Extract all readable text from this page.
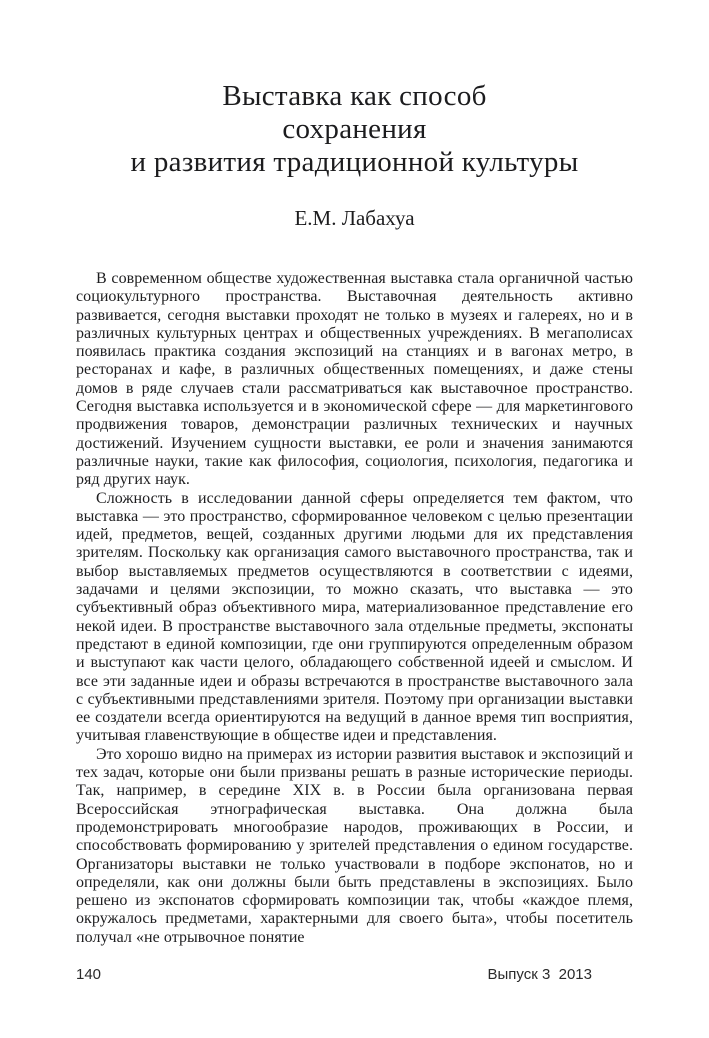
Выставка как способ
сохранения
и развития традиционной культуры
Е.М. Лабахуа

В современном обществе художественная выставка стала органичной частью социокультурного пространства. Выставочная деятельность активно развивается, сегодня выставки проходят не только в музеях и галереях, но и в различных культурных центрах и общественных учреждениях. В мегаполисах появилась практика создания экспозиций на станциях и в вагонах метро, в ресторанах и кафе, в различных общественных помещениях, и даже стены домов в ряде случаев стали рассматриваться как выставочное пространство. Сегодня выставка используется и в экономической сфере — для маркетингового продвижения товаров, демонстрации различных технических и научных достижений. Изучением сущности выставки, ее роли и значения занимаются различные науки, такие как философия, социология, психология, педагогика и ряд других наук.

Сложность в исследовании данной сферы определяется тем фактом, что выставка — это пространство, сформированное человеком с целью презентации идей, предметов, вещей, созданных другими людьми для их представления зрителям. Поскольку как организация самого выставочного пространства, так и выбор выставляемых предметов осуществляются в соответствии с идеями, задачами и целями экспозиции, то можно сказать, что выставка — это субъективный образ объективного мира, материализованное представление его некой идеи. В пространстве выставочного зала отдельные предметы, экспонаты предстают в единой композиции, где они группируются определенным образом и выступают как части целого, обладающего собственной идеей и смыслом. И все эти заданные идеи и образы встречаются в пространстве выставочного зала с субъективными представлениями зрителя. Поэтому при организации выставки ее создатели всегда ориентируются на ведущий в данное время тип восприятия, учитывая главенствующие в обществе идеи и представления.

Это хорошо видно на примерах из истории развития выставок и экспозиций и тех задач, которые они были призваны решать в разные исторические периоды. Так, например, в середине XIX в. в России была организована первая Всероссийская этнографическая выставка. Она должна была продемонстрировать многообразие народов, проживающих в России, и способствовать формированию у зрителей представления о едином государстве. Организаторы выставки не только участвовали в подборе экспонатов, но и определяли, как они должны были быть представлены в экспозициях. Было решено из экспонатов сформировать композиции так, чтобы «каждое племя, окружалось предметами, характерными для своего быта», чтобы посетитель получал «не отрывочное понятие

140	Выпуск 3  2013
